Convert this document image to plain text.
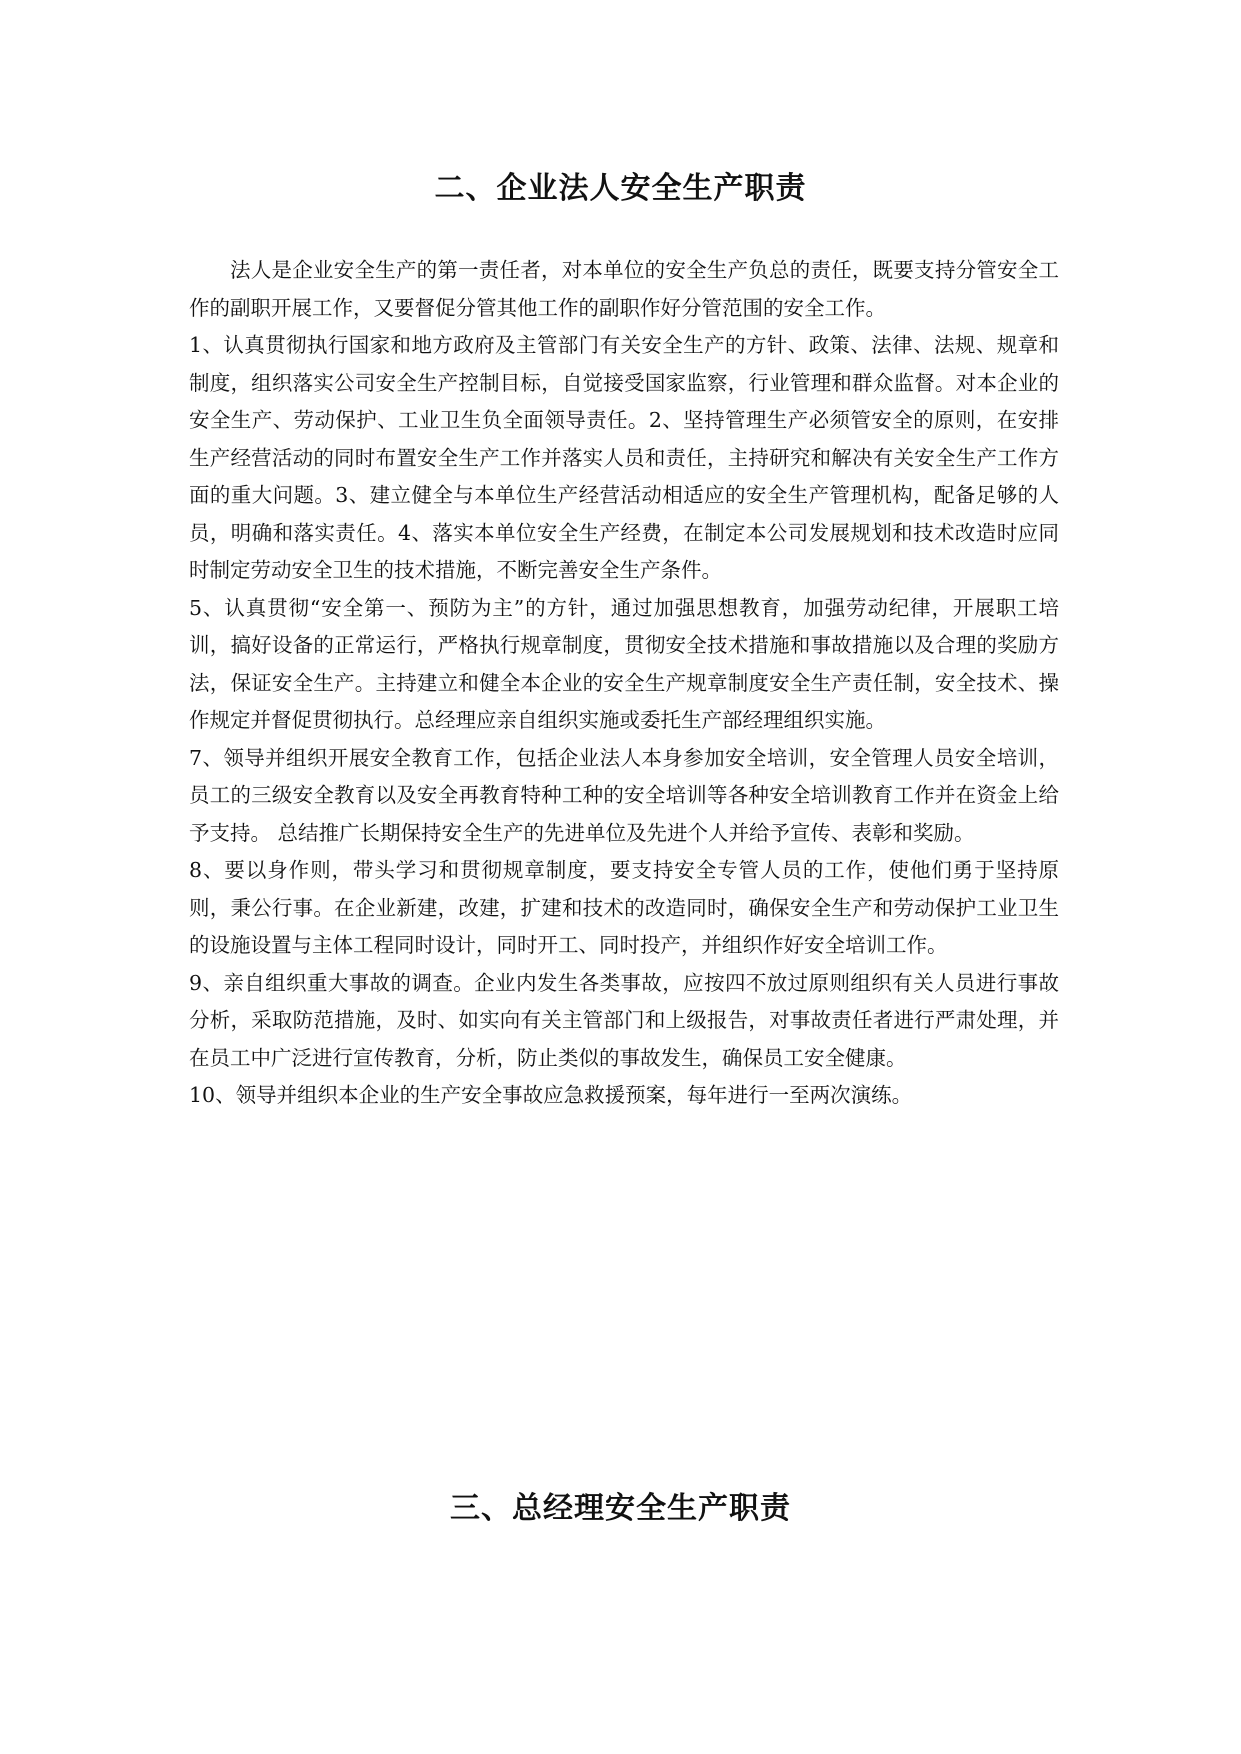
二、企业法人安全生产职责

法人是企业安全生产的第一责任者，对本单位的安全生产负总的责任，既要支持分管安全工作的副职开展工作，又要督促分管其他工作的副职作好分管范围的安全工作。

1、认真贯彻执行国家和地方政府及主管部门有关安全生产的方针、政策、法律、法规、规章和制度，组织落实公司安全生产控制目标，自觉接受国家监察，行业管理和群众监督。对本企业的安全生产、劳动保护、工业卫生负全面领导责任。2、坚持管理生产必须管安全的原则，在安排生产经营活动的同时布置安全生产工作并落实人员和责任，主持研究和解决有关安全生产工作方面的重大问题。3、建立健全与本单位生产经营活动相适应的安全生产管理机构，配备足够的人员，明确和落实责任。4、落实本单位安全生产经费，在制定本公司发展规划和技术改造时应同时制定劳动安全卫生的技术措施，不断完善安全生产条件。

5、认真贯彻“安全第一、预防为主”的方针，通过加强思想教育，加强劳动纪律，开展职工培训，搞好设备的正常运行，严格执行规章制度，贯彻安全技术措施和事故措施以及合理的奖励方法，保证安全生产。主持建立和健全本企业的安全生产规章制度安全生产责任制，安全技术、操作规定并督促贯彻执行。总经理应亲自组织实施或委托生产部经理组织实施。

7、领导并组织开展安全教育工作，包括企业法人本身参加安全培训，安全管理人员安全培训，员工的三级安全教育以及安全再教育特种工种的安全培训等各种安全培训教育工作并在资金上给予支持。 总结推广长期保持安全生产的先进单位及先进个人并给予宣传、表彰和奖励。

8、要以身作则，带头学习和贯彻规章制度，要支持安全专管人员的工作，使他们勇于坚持原则，秉公行事。在企业新建，改建，扩建和技术的改造同时，确保安全生产和劳动保护工业卫生的设施设置与主体工程同时设计，同时开工、同时投产，并组织作好安全培训工作。

9、亲自组织重大事故的调查。企业内发生各类事故，应按四不放过原则组织有关人员进行事故分析，采取防范措施，及时、如实向有关主管部门和上级报告，对事故责任者进行严肃处理，并在员工中广泛进行宣传教育，分析，防止类似的事故发生，确保员工安全健康。

10、领导并组织本企业的生产安全事故应急救援预案，每年进行一至两次演练。

三、总经理安全生产职责
